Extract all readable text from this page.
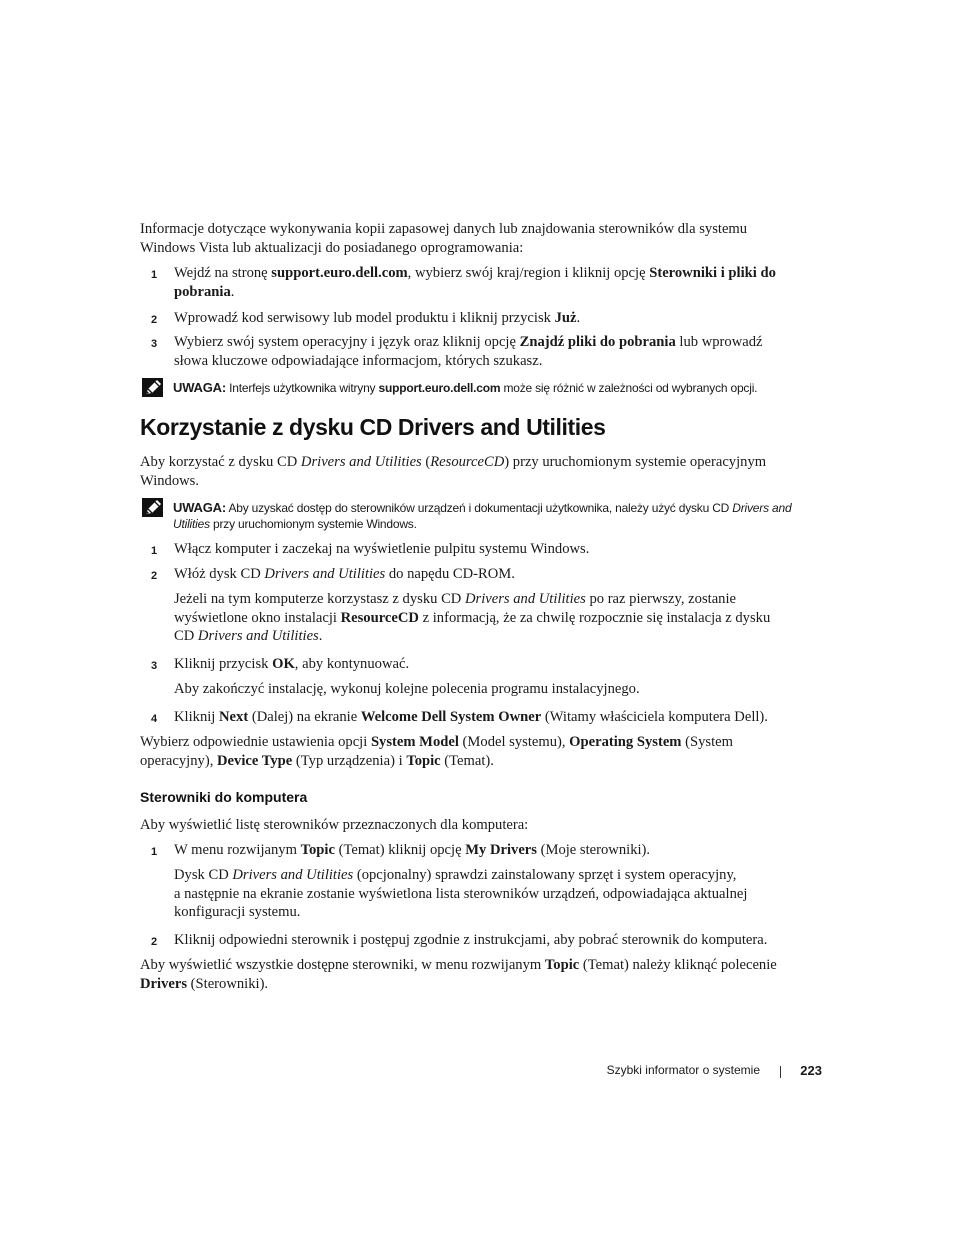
Informacje dotyczące wykonywania kopii zapasowej danych lub znajdowania sterowników dla systemu
Windows Vista lub aktualizacji do posiadanego oprogramowania:

1 Wejdź na stronę support.euro.dell.com, wybierz swój kraj/region i kliknij opcję Sterowniki i pliki do
pobrania.
2 Wprowadź kod serwisowy lub model produktu i kliknij przycisk Już.
3 Wybierz swój system operacyjny i język oraz kliknij opcję Znajdź pliki do pobrania lub wprowadź
słowa kluczowe odpowiadające informacjom, których szukasz.
UWAGA: Interfejs użytkownika witryny support.euro.dell.com może się różnić w zależności od wybranych opcji.
Korzystanie z dysku CD Drivers and Utilities

Aby korzystać z dysku CD Drivers and Utilities (ResourceCD) przy uruchomionym systemie operacyjnym
Windows.

UWAGA: Aby uzyskać dostęp do sterowników urządzeń i dokumentacji użytkownika, należy użyć dysku CD Drivers and
Utilities przy uruchomionym systemie Windows.
1 Włącz komputer i zaczekaj na wyświetlenie pulpitu systemu Windows.
2 Włóż dysk CD Drivers and Utilities do napędu CD-ROM.

Jeżeli na tym komputerze korzystasz z dysku CD Drivers and Utilities po raz pierwszy, zostanie
wyświetlone okno instalacji ResourceCD z informacją, że za chwilę rozpocznie się instalacja z dysku
CD Drivers and Utilities.

3 Kliknij przycisk OK, aby kontynuować.

Aby zakończyć instalację, wykonuj kolejne polecenia programu instalacyjnego.

4 Kliknij Next (Dalej) na ekranie Welcome Dell System Owner (Witamy właściciela komputera Dell).

Wybierz odpowiednie ustawienia opcji System Model (Model systemu), Operating System (System
operacyjny), Device Type (Typ urządzenia) i Topic (Temat).

Sterowniki do komputera

Aby wyświetlić listę sterowników przeznaczonych dla komputera:

1 W menu rozwijanym Topic (Temat) kliknij opcję My Drivers (Moje sterowniki).

Dysk CD Drivers and Utilities (opcjonalny) sprawdzi zainstalowany sprzęt i system operacyjny,
a następnie na ekranie zostanie wyświetlona lista sterowników urządzeń, odpowiadająca aktualnej
konfiguracji systemu.

2 Kliknij odpowiedni sterownik i postępuj zgodnie z instrukcjami, aby pobrać sterownik do komputera.

Aby wyświetlić wszystkie dostępne sterowniki, w menu rozwijanym Topic (Temat) należy kliknąć polecenie
Drivers (Sterowniki).

Szybki informator o systemie	223
